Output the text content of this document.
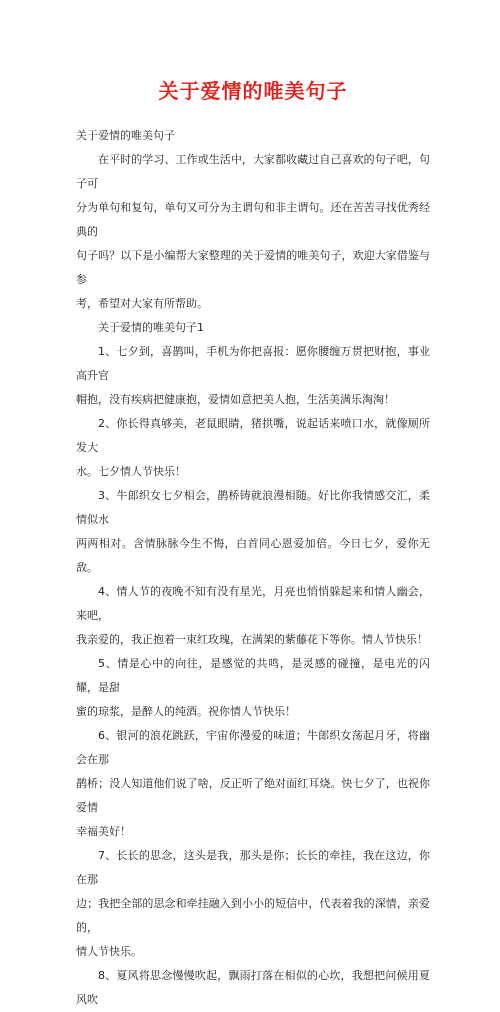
关于爱情的唯美句子

关于爱情的唯美句子

在平时的学习、工作或生活中，大家都收藏过自己喜欢的句子吧，句子可
分为单句和复句，单句又可分为主谓句和非主谓句。还在苦苦寻找优秀经典的
句子吗？以下是小编帮大家整理的关于爱情的唯美句子，欢迎大家借鉴与参
考，希望对大家有所帮助。

关于爱情的唯美句子1

1、七夕到，喜鹊叫，手机为你把喜报：愿你腰缠万贯把财抱，事业高升官
帽抱，没有疾病把健康抱，爱情如意把美人抱，生活美满乐淘淘！

2、你长得真够美，老鼠眼睛，猪拱嘴，说起话来喷口水，就像厕所发大
水。七夕情人节快乐！

3、牛郎织女七夕相会，鹊桥铸就浪漫相随。好比你我情感交汇，柔情似水
两两相对。含情脉脉今生不悔，白首同心恩爱加倍。今日七夕，爱你无敌。

4、情人节的夜晚不知有没有星光，月亮也悄悄躲起来和情人幽会，来吧，
我亲爱的，我正抱着一束红玫瑰，在满架的紫藤花下等你。情人节快乐！

5、情是心中的向往，是感觉的共鸣，是灵感的碰撞，是电光的闪耀，是甜
蜜的琼浆，是醉人的纯酒。祝你情人节快乐！

6、银河的浪花跳跃，宇宙你漫爱的味道；牛郎织女荡起月牙，将幽会在那
鹊桥；没人知道他们说了啥，反正听了绝对面红耳烧。快七夕了，也祝你爱情
幸福美好！

7、长长的思念，这头是我，那头是你；长长的牵挂，我在这边，你在那
边；我把全部的思念和牵挂融入到小小的短信中，代表着我的深情，亲爱的，
情人节快乐。

8、夏风将思念慢慢吹起，飘雨打落在相似的心坎，我想把问候用夏风吹
